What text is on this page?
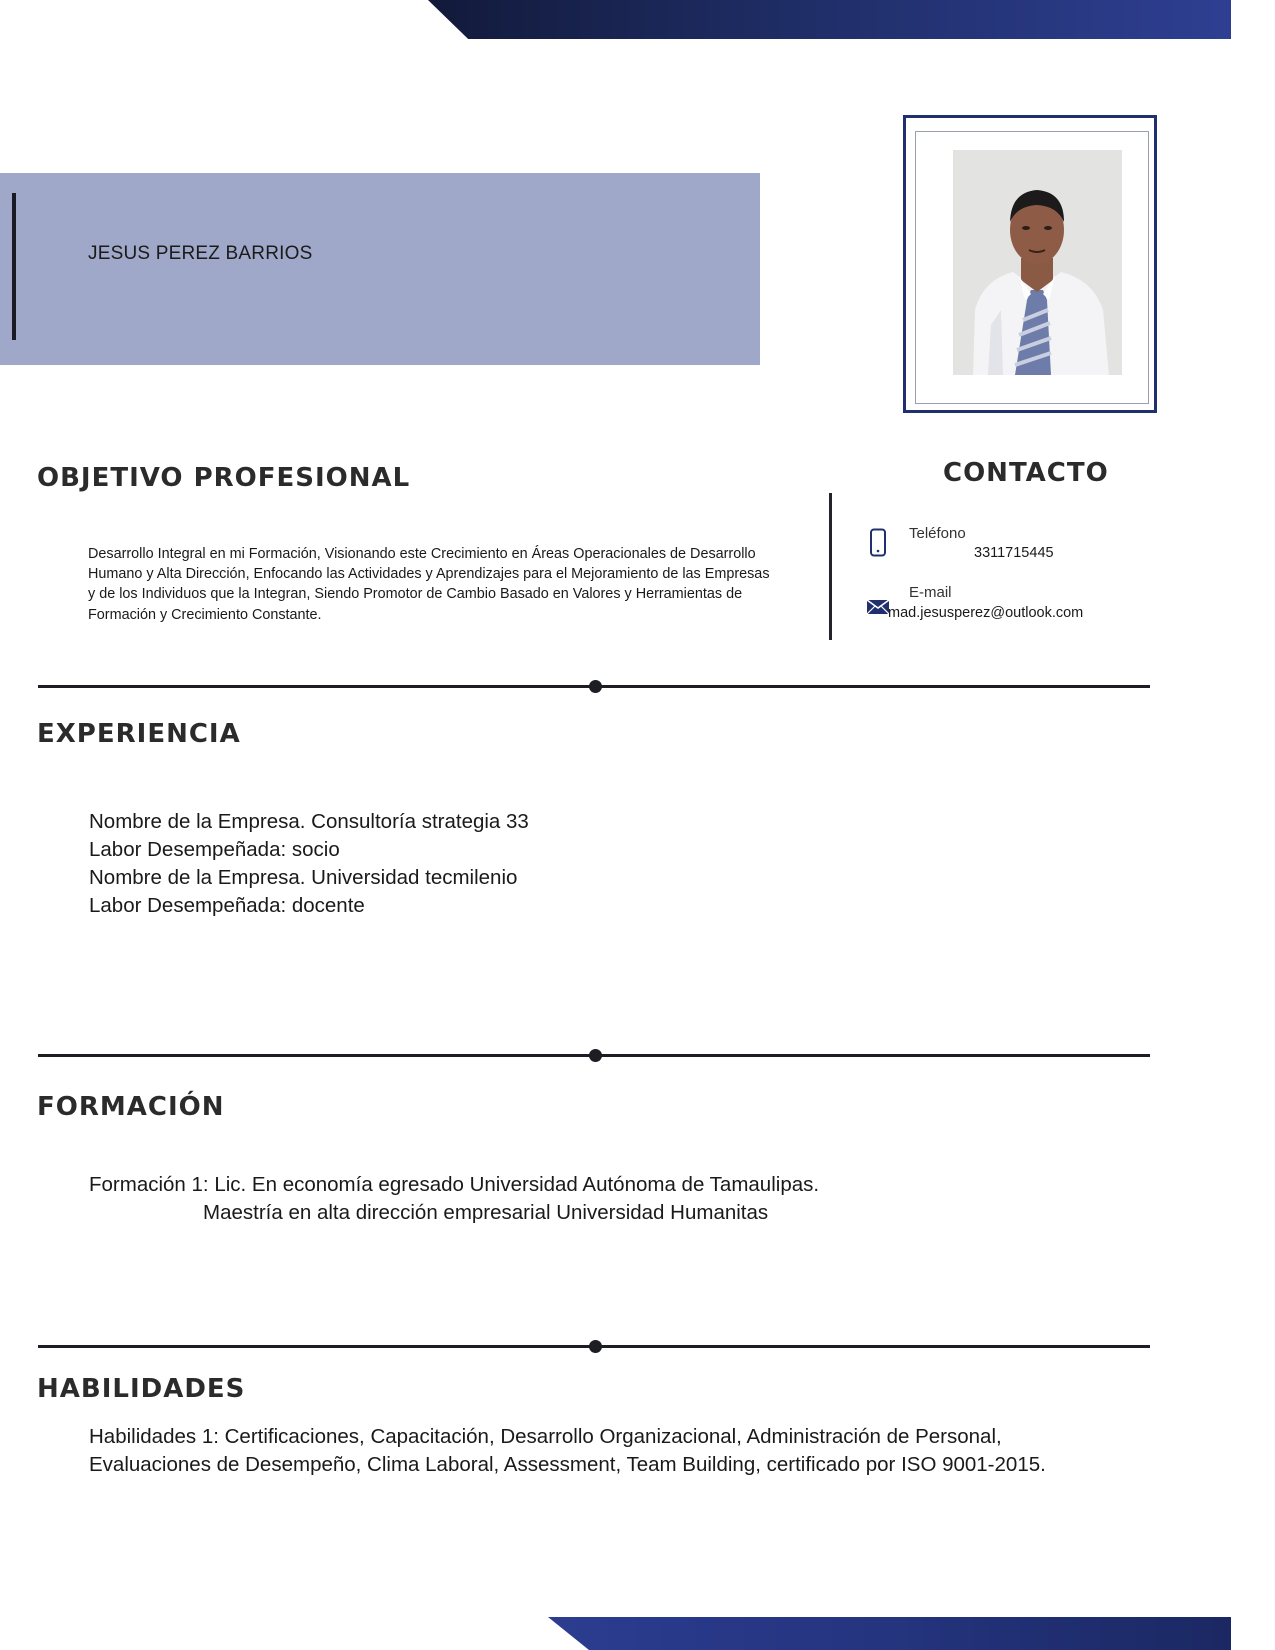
JESUS PEREZ BARRIOS
OBJETIVO PROFESIONAL
Desarrollo Integral en mi Formación, Visionando este Crecimiento en Áreas Operacionales de Desarrollo
Humano y Alta Dirección, Enfocando las Actividades y Aprendizajes para el Mejoramiento de las Empresas
y de los Individuos que la Integran, Siendo Promotor de Cambio Basado en Valores y Herramientas de
Formación y Crecimiento Constante.
CONTACTO
Teléfono
3311715445
E-mail
mad.jesusperez@outlook.com
EXPERIENCIA
Nombre de la Empresa. Consultoría strategia 33
Labor Desempeñada: socio
Nombre de la Empresa. Universidad tecmilenio
Labor Desempeñada: docente
FORMACIÓN
Formación 1: Lic. En economía egresado Universidad Autónoma de Tamaulipas.
Maestría en alta dirección empresarial Universidad Humanitas
HABILIDADES
Habilidades 1: Certificaciones, Capacitación, Desarrollo Organizacional, Administración de Personal,
Evaluaciones de Desempeño, Clima Laboral, Assessment, Team Building, certificado por ISO 9001-2015.
